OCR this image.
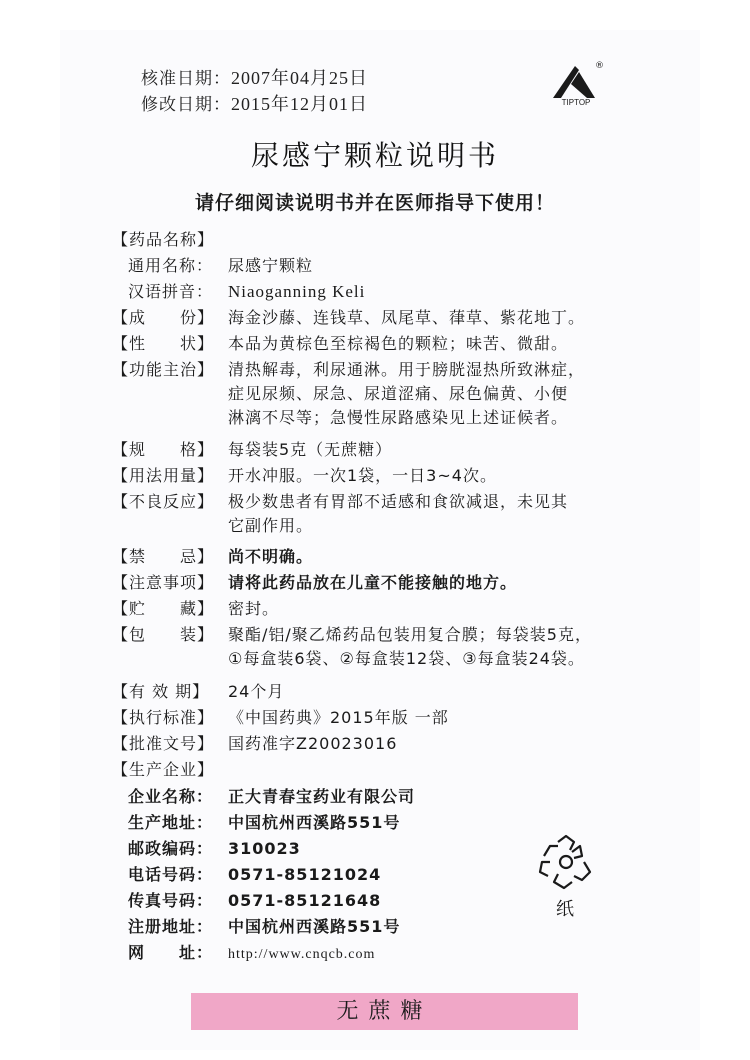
核准日期：2007年04月25日
修改日期：2015年12月01日
®
TIPTOP
尿感宁颗粒说明书
请仔细阅读说明书并在医师指导下使用！
【药品名称】
通用名称： 尿感宁颗粒
汉语拼音： Niaoganning Keli
【成　　份】 海金沙藤、连钱草、凤尾草、葎草、紫花地丁。
【性　　状】 本品为黄棕色至棕褐色的颗粒；味苦、微甜。
【功能主治】 清热解毒，利尿通淋。用于膀胱湿热所致淋症，
症见尿频、尿急、尿道涩痛、尿色偏黄、小便
淋漓不尽等；急慢性尿路感染见上述证候者。
【规　　格】 每袋装5克（无蔗糖）
【用法用量】 开水冲服。一次1袋，一日3~4次。
【不良反应】 极少数患者有胃部不适感和食欲减退，未见其
它副作用。
【禁　　忌】 尚不明确。
【注意事项】 请将此药品放在儿童不能接触的地方。
【贮　　藏】 密封。
【包　　装】 聚酯/铝/聚乙烯药品包装用复合膜；每袋装5克，
①每盒装6袋、②每盒装12袋、③每盒装24袋。
【有 效 期】 24个月
【执行标准】 《中国药典》2015年版 一部
【批准文号】 国药准字Z20023016
【生产企业】
企业名称： 正大青春宝药业有限公司
生产地址： 中国杭州西溪路551号
邮政编码： 310023
电话号码： 0571-85121024
传真号码： 0571-85121648
注册地址： 中国杭州西溪路551号
网　　址： http://www.cnqcb.com
纸
无蔗糖
